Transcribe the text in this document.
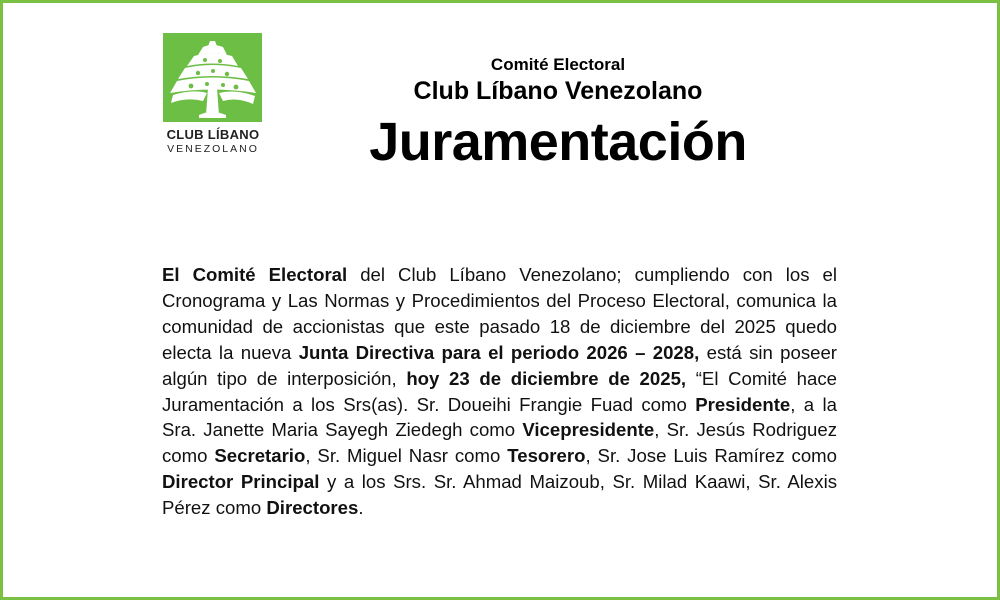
CLUB LÍBANO
VENEZOLANO
Comité Electoral
Club Líbano Venezolano
Juramentación

El Comité Electoral del Club Líbano Venezolano; cumpliendo con los el Cronograma y Las Normas y Procedimientos del Proceso Electoral, comunica la comunidad de accionistas que este pasado 18 de diciembre del 2025 quedo electa la nueva Junta Directiva para el periodo 2026 – 2028, está sin poseer algún tipo de interposición, hoy 23 de diciembre de 2025, “El Comité hace Juramentación a los Srs(as). Sr. Doueihi Frangie Fuad como Presidente, a la Sra. Janette Maria Sayegh Ziedegh como Vicepresidente, Sr. Jesús Rodriguez como Secretario, Sr. Miguel Nasr como Tesorero, Sr. Jose Luis Ramírez como Director Principal y a los Srs. Sr. Ahmad Maizoub, Sr. Milad Kaawi, Sr. Alexis Pérez como Directores.
